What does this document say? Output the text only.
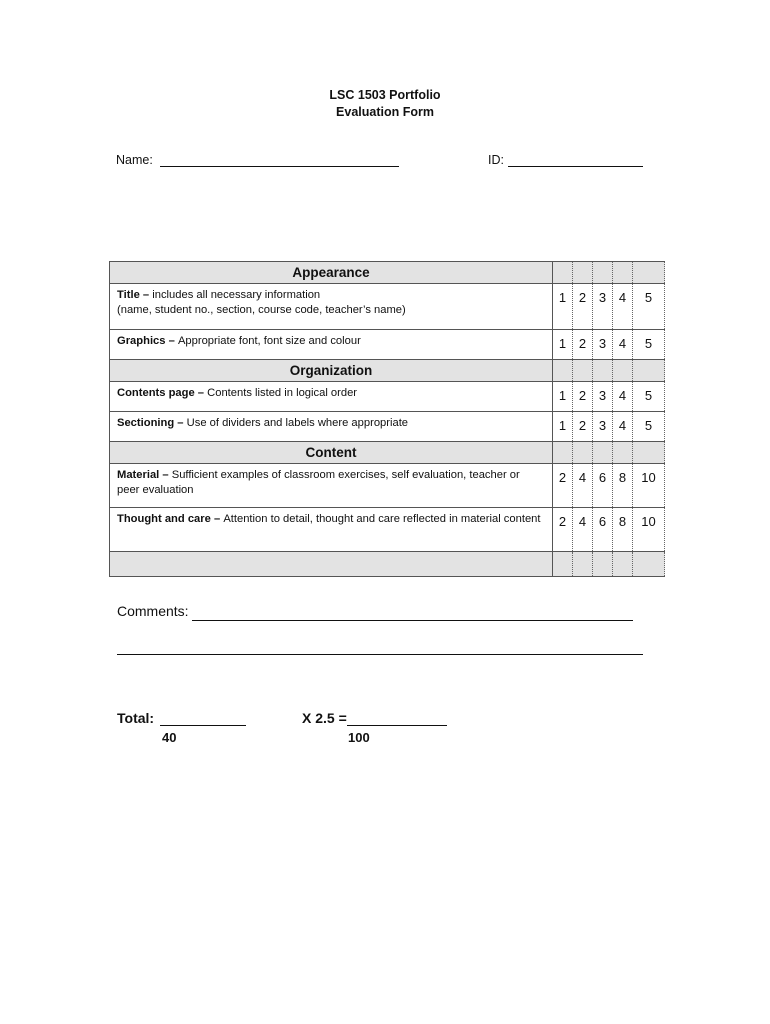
LSC 1503 Portfolio
Evaluation Form
Name:	ID:
Appearance					
Title – includes all necessary information
(name, student no., section, course code, teacher’s name)	1	2	3	4	5
Graphics – Appropriate font, font size and colour	1	2	3	4	5
Organization					
Contents page – Contents listed in logical order	1	2	3	4	5
Sectioning – Use of dividers and labels where appropriate	1	2	3	4	5
Content					
Material – Sufficient examples of classroom exercises, self evaluation, teacher or peer evaluation	2	4	6	8	10
Thought and care – Attention to detail, thought and care reflected in material content	2	4	6	8	10

Comments:
Total:
40
X 2.5 =
100
